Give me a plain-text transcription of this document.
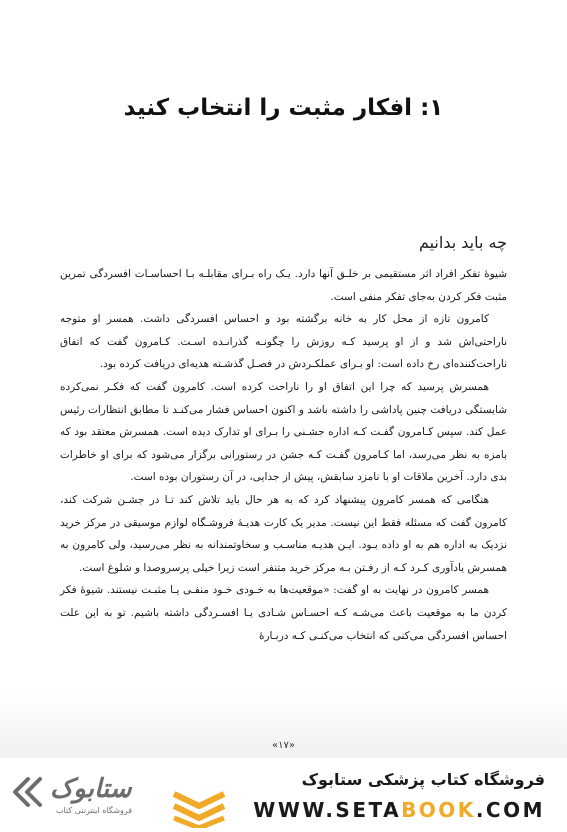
۱: افکار مثبت را انتخاب کنید
چه باید بدانیم

شیوهٔ تفکر افراد اثر مستقیمی بر خلـق آنها دارد. یـک راه بـرای مقابلـه بـا احساسـات افسردگی تمرین مثبت فکر کردن به‌جای تفکر منفی است.

کامرون تازه از محل کار به خانه برگشته بود و احساس افسردگی داشت. همسر او متوجه ناراحتی‌اش شد و از او پرسید کـه روزش را چگونـه گذرانـده اسـت. کـامرون گفت که اتفاق ناراحت‌کننده‌ای رخ داده است: او بـرای عملکـردش در فصـل گذشـته هدیه‌ای دریافت کرده بود.

همسرش پرسید که چرا این اتفاق او را ناراحت کرده است. کامرون گفت که فکـر نمی‌کرده شایستگی دریافت چنین پاداشی را داشته باشد و اکنون احساس فشار می‌کنـد تا مطابق انتظارات رئیس عمل کند. سپس کـامرون گفـت کـه اداره جشـنی را بـرای او تدارک دیده است. همسرش معتقد بود که بامزه به نظر می‌رسد، اما کـامرون گفـت کـه جشن در رستورانی برگزار می‌شود که برای او خاطرات بدی دارد. آخرین ملاقات او با نامزد سابقش، پیش از جدایی، در آن رستوران بوده است.

هنگامی که همسر کامرون پیشنهاد کرد که به هر حال باید تلاش کند تـا در جشـن شرکت کند، کامرون گفت که مسئله فقط این نیست. مدیر یک کارت هدیـهٔ فروشـگاه لوازم موسیقی در مرکز خرید نزدیک به اداره هم به او داده بـود. ایـن هدیـه مناسـب و سخاوتمندانه به نظر می‌رسید، ولی کامرون به همسرش یادآوری کـرد کـه از رفـتن بـه مرکز خرید متنفر است زیرا خیلی پرسروصدا و شلوغ است.

همسر کامرون در نهایت به او گفت: «موقعیت‌ها به خـودی خـود منفـی یـا مثبـت نیستند. شیوهٔ فکر کردن ما به موقعیت باعث می‌شـه کـه احسـاس شـادی یـا افسـردگی داشته باشیم. تو به این علت احساس افسردگی می‌کنی که انتخاب می‌کنـی کـه دربـارهٔ

«۱۷»
ستابوک
فروشگاه اینترنتی کتاب
فروشگاه کتاب پزشکی ستابوک
WWW.SETABOOK.COM
